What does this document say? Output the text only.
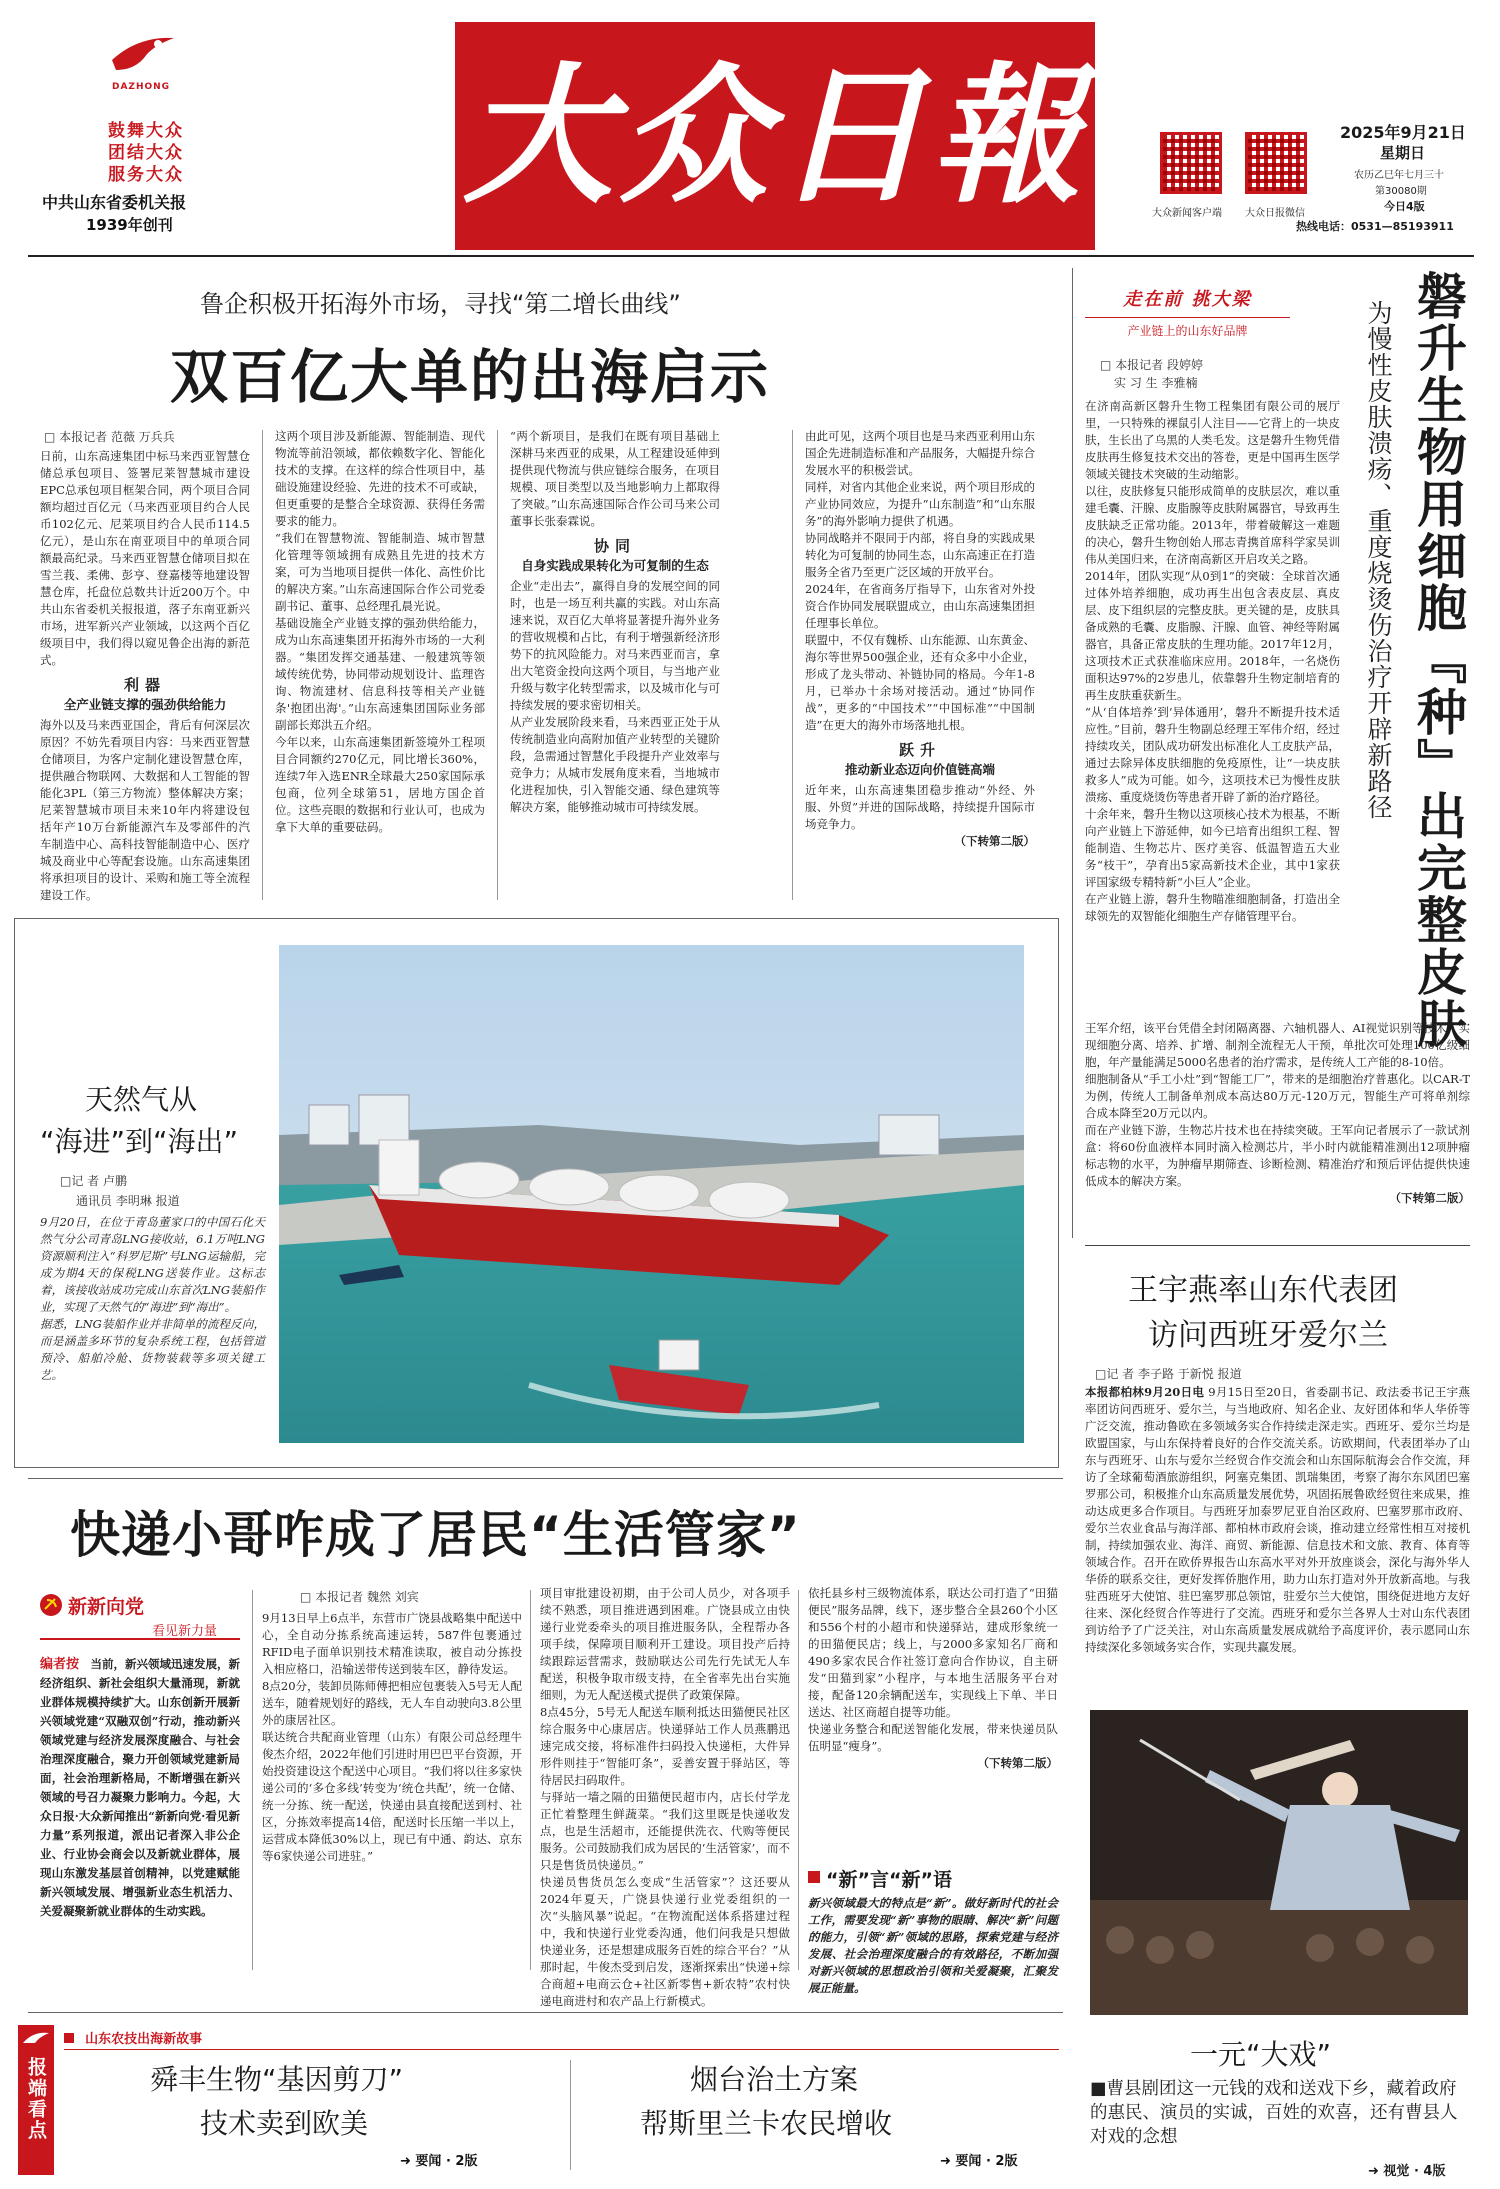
DAZHONG
鼓舞大众
团结大众
服务大众
中共山东省委机关报
1939年创刊
大众日報	大众新闻客户端 大众日报微信
2025年9月21日
星期日
农历乙巳年七月三十
第30080期
今日4版
热线电话：0531—85193911
鲁企积极开拓海外市场，寻找“第二增长曲线”
双百亿大单的出海启示
□ 本报记者 范薇 万兵兵

日前，山东高速集团中标马来西亚智慧仓储总承包项目、签署尼莱智慧城市建设EPC总承包项目框架合同，两个项目合同额均超过百亿元（马来西亚项目约合人民币102亿元、尼莱项目约合人民币114.5亿元），是山东在南亚项目中的单项合同额最高纪录。马来西亚智慧仓储项目拟在雪兰莪、柔佛、彭亨、登嘉楼等地建设智慧仓库，托盘位总数共计近200万个。中共山东省委机关报报道，落子东南亚新兴市场，进军新兴产业领域，以这两个百亿级项目中，我们得以窥见鲁企出海的新范式。

利器
全产业链支撑的强劲供给能力

海外以及马来西亚国企，背后有何深层次原因？不妨先看项目内容：马来西亚智慧仓储项目，为客户定制化建设智慧仓库，提供融合物联网、大数据和人工智能的智能化3PL（第三方物流）整体解决方案；尼莱智慧城市项目未来10年内将建设包括年产10万台新能源汽车及零部件的汽车制造中心、高科技智能制造中心、医疗城及商业中心等配套设施。山东高速集团将承担项目的设计、采购和施工等全流程建设工作。

这两个项目涉及新能源、智能制造、现代物流等前沿领域，都依赖数字化、智能化技术的支撑。在这样的综合性项目中，基础设施建设经验、先进的技术不可或缺，但更重要的是整合全球资源、获得任务需要求的能力。

“我们在智慧物流、智能制造、城市智慧化管理等领域拥有成熟且先进的技术方案，可为当地项目提供一体化、高性价比的解决方案。”山东高速国际合作公司党委副书记、董事、总经理孔晨光说。

基础设施全产业链支撑的强劲供给能力，成为山东高速集团开拓海外市场的一大利器。“集团发挥交通基建、一般建筑等领域传统优势，协同带动规划设计、监理咨询、物流建材、信息科技等相关产业链条'抱团出海'。”山东高速集团国际业务部副部长郑洪五介绍。

今年以来，山东高速集团新签境外工程项目合同额约270亿元，同比增长360%，连续7年入选ENR全球最大250家国际承包商，位列全球第51，居地方国企首位。这些亮眼的数据和行业认可，也成为拿下大单的重要砝码。

“两个新项目，是我们在既有项目基础上深耕马来西亚的成果，从工程建设延伸到提供现代物流与供应链综合服务，在项目规模、项目类型以及当地影响力上都取得了突破。”山东高速国际合作公司马来公司董事长张泰霖说。

协同
自身实践成果转化为可复制的生态

企业“走出去”，赢得自身的发展空间的同时，也是一场互利共赢的实践。对山东高速来说，双百亿大单将显著提升海外业务的营收规模和占比，有利于增强新经济形势下的抗风险能力。对马来西亚而言，拿出大笔资金投向这两个项目，与当地产业升级与数字化转型需求，以及城市化与可持续发展的要求密切相关。

从产业发展阶段来看，马来西亚正处于从传统制造业向高附加值产业转型的关键阶段，急需通过智慧化手段提升产业效率与竞争力；从城市发展角度来看，当地城市化进程加快，引入智能交通、绿色建筑等解决方案，能够推动城市可持续发展。

由此可见，这两个项目也是马来西亚利用山东国企先进制造标准和产品服务，大幅提升综合发展水平的积极尝试。

同样，对省内其他企业来说，两个项目形成的产业协同效应，为提升“山东制造”和“山东服务”的海外影响力提供了机遇。

协同战略并不限同于内部，将自身的实践成果转化为可复制的协同生态，山东高速正在打造服务全省乃至更广泛区域的开放平台。

2024年，在省商务厅指导下，山东省对外投资合作协同发展联盟成立，由山东高速集团担任理事长单位。

联盟中，不仅有魏桥、山东能源、山东黄金、海尔等世界500强企业，还有众多中小企业，形成了龙头带动、补链协同的格局。今年1-8月，已举办十余场对接活动。通过“协同作战”，更多的“中国技术”“中国标准”“中国制造”在更大的海外市场落地扎根。

跃升
推动新业态迈向价值链高端

近年来，山东高速集团稳步推动“外经、外服、外贸”并进的国际战略，持续提升国际市场竞争力。

（下转第二版）

走在前 挑大梁
产业链上的山东好品牌	磐升生物用细胞『种』出完整皮肤
为慢性皮肤溃疡、重度烧烫伤治疗开辟新路径
□ 本报记者 段婷婷
实 习 生 李雅楠

在济南高新区磐升生物工程集团有限公司的展厅里，一只特殊的裸鼠引人注目——它背上的一块皮肤，生长出了乌黑的人类毛发。这是磐升生物凭借皮肤再生修复技术交出的答卷，更是中国再生医学领域关键技术突破的生动缩影。

以往，皮肤修复只能形成简单的皮肤层次，难以重建毛囊、汗腺、皮脂腺等皮肤附属器官，导致再生皮肤缺乏正常功能。2013年，带着破解这一难题的决心，磐升生物创始人邢志青携首席科学家吴训伟从美国归来，在济南高新区开启攻关之路。

2014年，团队实现“从0到1”的突破：全球首次通过体外培养细胞，成功再生出包含表皮层、真皮层、皮下组织层的完整皮肤。更关键的是，皮肤具备成熟的毛囊、皮脂腺、汗腺、血管、神经等附属器官，具备正常皮肤的生理功能。2017年12月，这项技术正式获准临床应用。2018年，一名烧伤面积达97%的2岁患儿，依靠磐升生物定制培育的再生皮肤重获新生。

“从‘自体培养’到‘异体通用’，磐升不断提升技术适应性。”目前，磐升生物副总经理王军伟介绍，经过持续攻关，团队成功研发出标准化人工皮肤产品，通过去除异体皮肤细胞的免疫原性，让“一块皮肤救多人”成为可能。如今，这项技术已为慢性皮肤溃疡、重度烧烫伤等患者开辟了新的治疗路径。

十余年来，磐升生物以这项核心技术为根基，不断向产业链上下游延伸，如今已培育出组织工程、智能制造、生物芯片、医疗美容、低温智造五大业务“枝干”，孕育出5家高新技术企业，其中1家获评国家级专精特新“小巨人”企业。

在产业链上游，磐升生物瞄准细胞制备，打造出全球领先的双智能化细胞生产存储管理平台。

王军介绍，该平台凭借全封闭隔离器、六轴机器人、AI视觉识别等技术，实现细胞分离、培养、扩增、制剂全流程无人干预，单批次可处理100亿级细胞，年产量能满足5000名患者的治疗需求，是传统人工产能的8-10倍。

细胞制备从“手工小灶”到“智能工厂”，带来的是细胞治疗普惠化。以CAR-T为例，传统人工制备单剂成本高达80万元-120万元，智能生产可将单剂综合成本降至20万元以内。

而在产业链下游，生物芯片技术也在持续突破。王军向记者展示了一款试剂盒：将60份血液样本同时滴入检测芯片，半小时内就能精准测出12项肿瘤标志物的水平，为肿瘤早期筛查、诊断检测、精准治疗和预后评估提供快速低成本的解决方案。

（下转第二版）

天然气从
“海进”到“海出”
□记 者 卢鹏
通讯员 李明琳 报道

9月20日，在位于青岛董家口的中国石化天然气分公司青岛LNG接收站，6.1万吨LNG资源顺利注入“科罗尼斯”号LNG运输船，完成为期4天的保税LNG送装作业。这标志着，该接收站成功完成山东首次LNG装船作业，实现了天然气的“海进”到“海出”。

据悉，LNG装船作业并非简单的流程反向，而是涵盖多环节的复杂系统工程，包括管道预冷、船舶冷舱、货物装载等多项关键工艺。

王宇燕率山东代表团
访问西班牙爱尔兰
□记 者 李子路 于新悦 报道
本报都柏林9月20日电 9月15日至20日，省委副书记、政法委书记王宇燕率团访问西班牙、爱尔兰，与当地政府、知名企业、友好团体和华人华侨等广泛交流，推动鲁欧在多领域务实合作持续走深走实。西班牙、爱尔兰均是欧盟国家，与山东保持着良好的合作交流关系。访欧期间，代表团举办了山东与西班牙、山东与爱尔兰经贸合作交流会和山东国际航海会合作交流，拜访了全球葡萄酒旅游组织，阿塞克集团、凯瑞集团，考察了海尔东风团巴塞罗那公司，积极推介山东高质量发展优势，巩固拓展鲁欧经贸往来成果，推动达成更多合作项目。与西班牙加泰罗尼亚自治区政府、巴塞罗那市政府、爱尔兰农业食品与海洋部、都柏林市政府会谈，推动建立经常性相互对接机制，持续加强农业、海洋、商贸、新能源、信息技术和文旅、教育、体育等领域合作。召开在欧侨界报告山东高水平对外开放座谈会，深化与海外华人华侨的联系交往，更好发挥侨胞作用，助力山东打造对外开放新高地。与我驻西班牙大使馆、驻巴塞罗那总领馆，驻爱尔兰大使馆，围绕促进地方友好往来、深化经贸合作等进行了交流。西班牙和爱尔兰各界人士对山东代表团到访给予了广泛关注，对山东高质量发展成就给予高度评价，表示愿同山东持续深化多领域务实合作，实现共赢发展。
一元“大戏”
■曹县剧团这一元钱的戏和送戏下乡，藏着政府的惠民、演员的实诚，百姓的欢喜，还有曹县人对戏的念想
➜ 视觉 · 4版
快递小哥咋成了居民“生活管家”
新新向党
看见新力量
编者按　 当前，新兴领域迅速发展，新经济组织、新社会组织大量涌现，新就业群体规模持续扩大。山东创新开展新兴领域党建“双融双创”行动，推动新兴领域党建与经济发展深度融合、与社会治理深度融合，聚力开创领域党建新局面，社会治理新格局，不断增强在新兴领域的号召力凝聚力影响力。今起，大众日报·大众新闻推出“新新向党·看见新力量”系列报道，派出记者深入非公企业、行业协会商会以及新就业群体，展现山东激发基层首创精神，以党建赋能新兴领域发展、增强新业态生机活力、关爱凝聚新就业群体的生动实践。
□ 本报记者 魏然 刘宾

9月13日早上6点半，东营市广饶县战略集中配送中心，全自动分拣系统高速运转，587件包裹通过RFID电子面单识别技术精准读取，被自动分拣投入相应格口，沿输送带传送到装车区，静待发运。

8点20分，装卸员陈师傅把相应包裹装入5号无人配送车，随着规划好的路线，无人车自动驶向3.8公里外的康居社区。

联达统合共配商业管理（山东）有限公司总经理牛俊杰介绍，2022年他们引进时用巴巴平台资源，开始投资建设这个配送中心项目。“我们将以往多家快递公司的‘多仓多线’转变为‘统仓共配’，统一仓储、统一分拣、统一配送，快递由县直接配送到村、社区，分拣效率提高14倍，配送时长压缩一半以上，运营成本降低30%以上，现已有中通、韵达、京东等6家快递公司进驻。”

项目审批建设初期，由于公司人员少，对各项手续不熟悉，项目推进遇到困难。广饶县成立由快递行业党委牵头的项目推进服务队，全程帮办各项手续，保障项目顺利开工建设。项目投产后持续跟踪运营需求，鼓励联达公司先行先试无人车配送，积极争取市级支持，在全省率先出台实施细则，为无人配送模式提供了政策保障。

8点45分，5号无人配送车顺利抵达田猫便民社区综合服务中心康居店。快递驿站工作人员燕鹏迅速完成交接，将标准件扫码投入快递柜，大件异形件则挂于“智能叮条”，妥善安置于驿站区，等待居民扫码取件。

与驿站一墙之隔的田猫便民超市内，店长付学龙正忙着整理生鲜蔬菜。“我们这里既是快递收发点，也是生活超市，还能提供洗衣、代购等便民服务。公司鼓励我们成为居民的‘生活管家’，而不只是售货员快递员。”

快递员售货员怎么变成“生活管家”？这还要从2024年夏天，广饶县快递行业党委组织的一次“头脑风暴”说起。“在物流配送体系搭建过程中，我和快递行业党委沟通，他们问我是只想做快递业务，还是想建成服务百姓的综合平台？”从那时起，牛俊杰受到启发，逐渐探索出“快递+综合商超+电商云仓+社区新零售+新农特”农村快递电商进村和农产品上行新模式。

依托县乡村三级物流体系，联达公司打造了“田猫便民”服务品牌，线下，逐步整合全县260个小区和556个村的小超市和快递驿站，建成形象统一的田猫便民店；线上，与2000多家知名厂商和490多家农民合作社签订意向合作协议，自主研发“田猫到家”小程序，与本地生活服务平台对接，配备120余辆配送车，实现线上下单、半日送达、社区商超自提等功能。

快递业务整合和配送智能化发展，带来快递员队伍明显“瘦身”。

（下转第二版）

“新”言“新”语
新兴领域最大的特点是“新”。做好新时代的社会工作，需要发现“新”事物的眼睛、解决“新”问题的能力，引领“新”领域的思路，探索党建与经济发展、社会治理深度融合的有效路径，不断加强对新兴领域的思想政治引领和关爱凝聚，汇聚发展正能量。
报端看点
山东农技出海新故事
舜丰生物“基因剪刀”
技术卖到欧美
➜ 要闻 · 2版
烟台治土方案
帮斯里兰卡农民增收
➜ 要闻 · 2版
